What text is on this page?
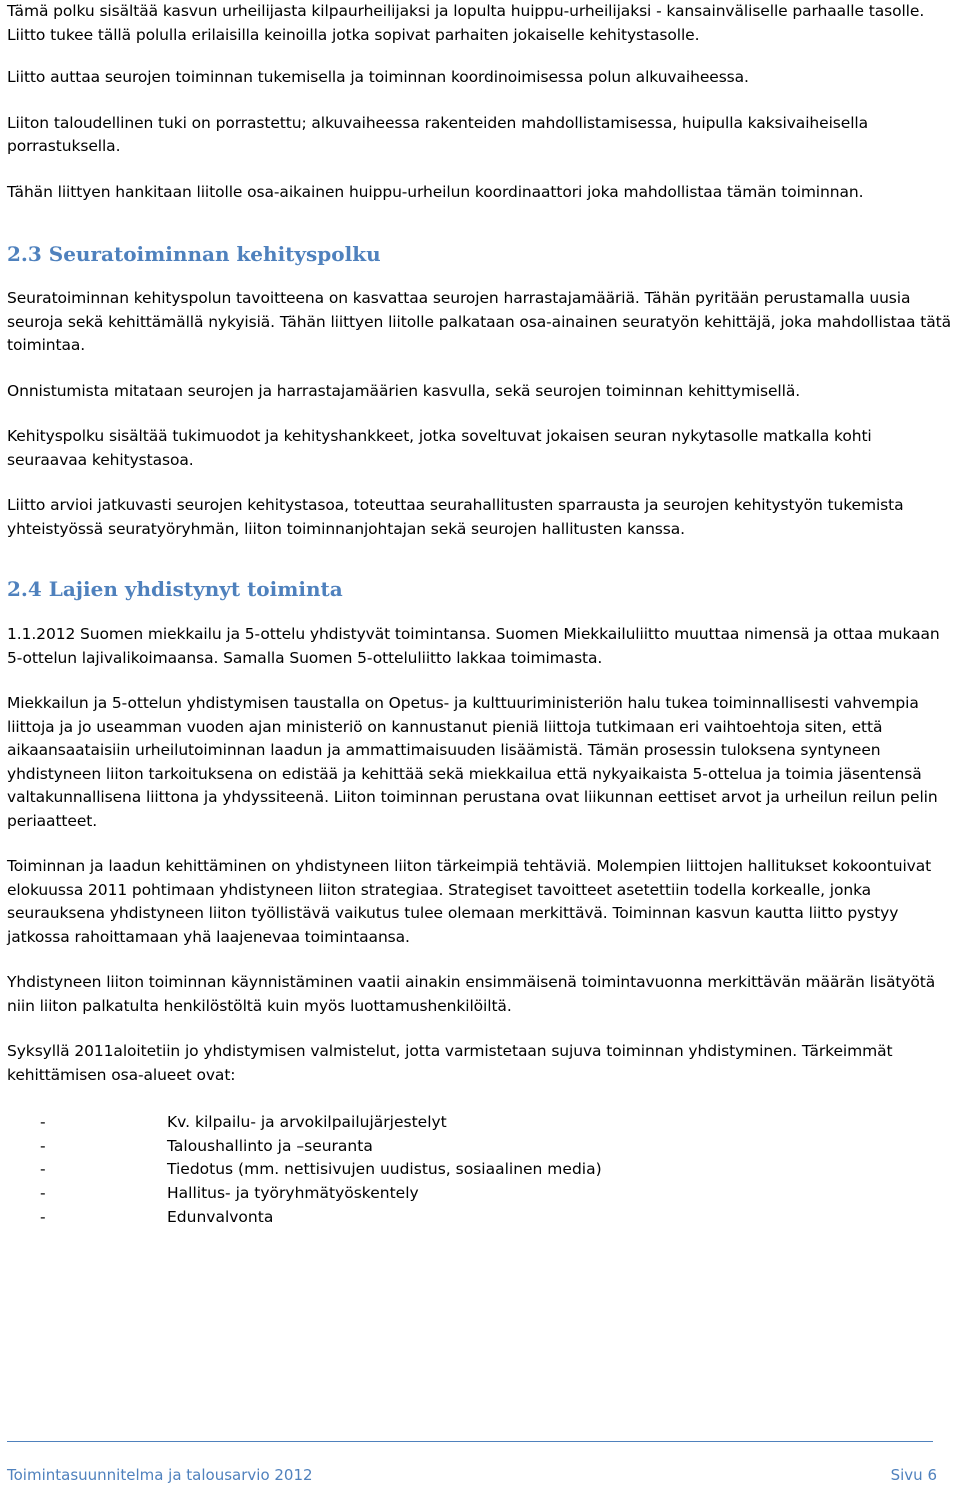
Tämä polku sisältää kasvun urheilijasta kilpaurheilijaksi ja lopulta huippu-urheilijaksi - kansainväliselle parhaalle tasolle. Liitto tukee tällä polulla erilaisilla keinoilla jotka sopivat parhaiten jokaiselle kehitystasolle.

Liitto auttaa seurojen toiminnan tukemisella ja toiminnan koordinoimisessa polun alkuvaiheessa.

Liiton taloudellinen tuki on porrastettu; alkuvaiheessa rakenteiden mahdollistamisessa, huipulla kaksivaiheisella porrastuksella.

Tähän liittyen hankitaan liitolle osa-aikainen huippu-urheilun koordinaattori joka mahdollistaa tämän toiminnan.

2.3 Seuratoiminnan kehityspolku

Seuratoiminnan kehityspolun tavoitteena on kasvattaa seurojen harrastajamääriä. Tähän pyritään perustamalla uusia seuroja sekä kehittämällä nykyisiä. Tähän liittyen liitolle palkataan osa-ainainen seuratyön kehittäjä, joka mahdollistaa tätä toimintaa.

Onnistumista mitataan seurojen ja harrastajamäärien kasvulla, sekä seurojen toiminnan kehittymisellä.

Kehityspolku sisältää tukimuodot ja kehityshankkeet, jotka soveltuvat jokaisen seuran nykytasolle matkalla kohti seuraavaa kehitystasoa.

Liitto arvioi jatkuvasti seurojen kehitystasoa, toteuttaa seurahallitusten sparrausta ja seurojen kehitystyön tukemista yhteistyössä seuratyöryhmän, liiton toiminnanjohtajan sekä seurojen hallitusten kanssa.

2.4 Lajien yhdistynyt toiminta

1.1.2012 Suomen miekkailu ja 5-ottelu yhdistyvät toimintansa. Suomen Miekkailuliitto muuttaa nimensä ja ottaa mukaan 5-ottelun lajivalikoimaansa. Samalla Suomen 5-otteluliitto lakkaa toimimasta.

Miekkailun ja 5-ottelun yhdistymisen taustalla on Opetus- ja kulttuuriministeriön halu tukea toiminnallisesti vahvempia liittoja ja jo useamman vuoden ajan ministeriö on kannustanut pieniä liittoja tutkimaan eri vaihtoehtoja siten, että aikaansaataisiin urheilutoiminnan laadun ja ammattimaisuuden lisäämistä. Tämän prosessin tuloksena syntyneen yhdistyneen liiton tarkoituksena on edistää ja kehittää sekä miekkailua että nykyaikaista 5-ottelua ja toimia jäsentensä valtakunnallisena liittona ja yhdyssiteenä. Liiton toiminnan perustana ovat liikunnan eettiset arvot ja urheilun reilun pelin periaatteet.

Toiminnan ja laadun kehittäminen on yhdistyneen liiton tärkeimpiä tehtäviä. Molempien liittojen hallitukset kokoontuivat elokuussa 2011 pohtimaan yhdistyneen liiton strategiaa. Strategiset tavoitteet asetettiin todella korkealle, jonka seurauksena yhdistyneen liiton työllistävä vaikutus tulee olemaan merkittävä. Toiminnan kasvun kautta liitto pystyy jatkossa rahoittamaan yhä laajenevaa toimintaansa.

Yhdistyneen liiton toiminnan käynnistäminen vaatii ainakin ensimmäisenä toimintavuonna merkittävän määrän lisätyötä niin liiton palkatulta henkilöstöltä kuin myös luottamushenkilöiltä.

Syksyllä 2011aloitetiin jo yhdistymisen valmistelut, jotta varmistetaan sujuva toiminnan yhdistyminen. Tärkeimmät kehittämisen osa-alueet ovat:

-	Kv. kilpailu- ja arvokilpailujärjestelyt
-	Taloushallinto ja –seuranta
-	Tiedotus (mm. nettisivujen uudistus, sosiaalinen media)
-	Hallitus- ja työryhmätyöskentely
-	Edunvalvonta
Toimintasuunnitelma ja talousarvio 2012	Sivu 6
